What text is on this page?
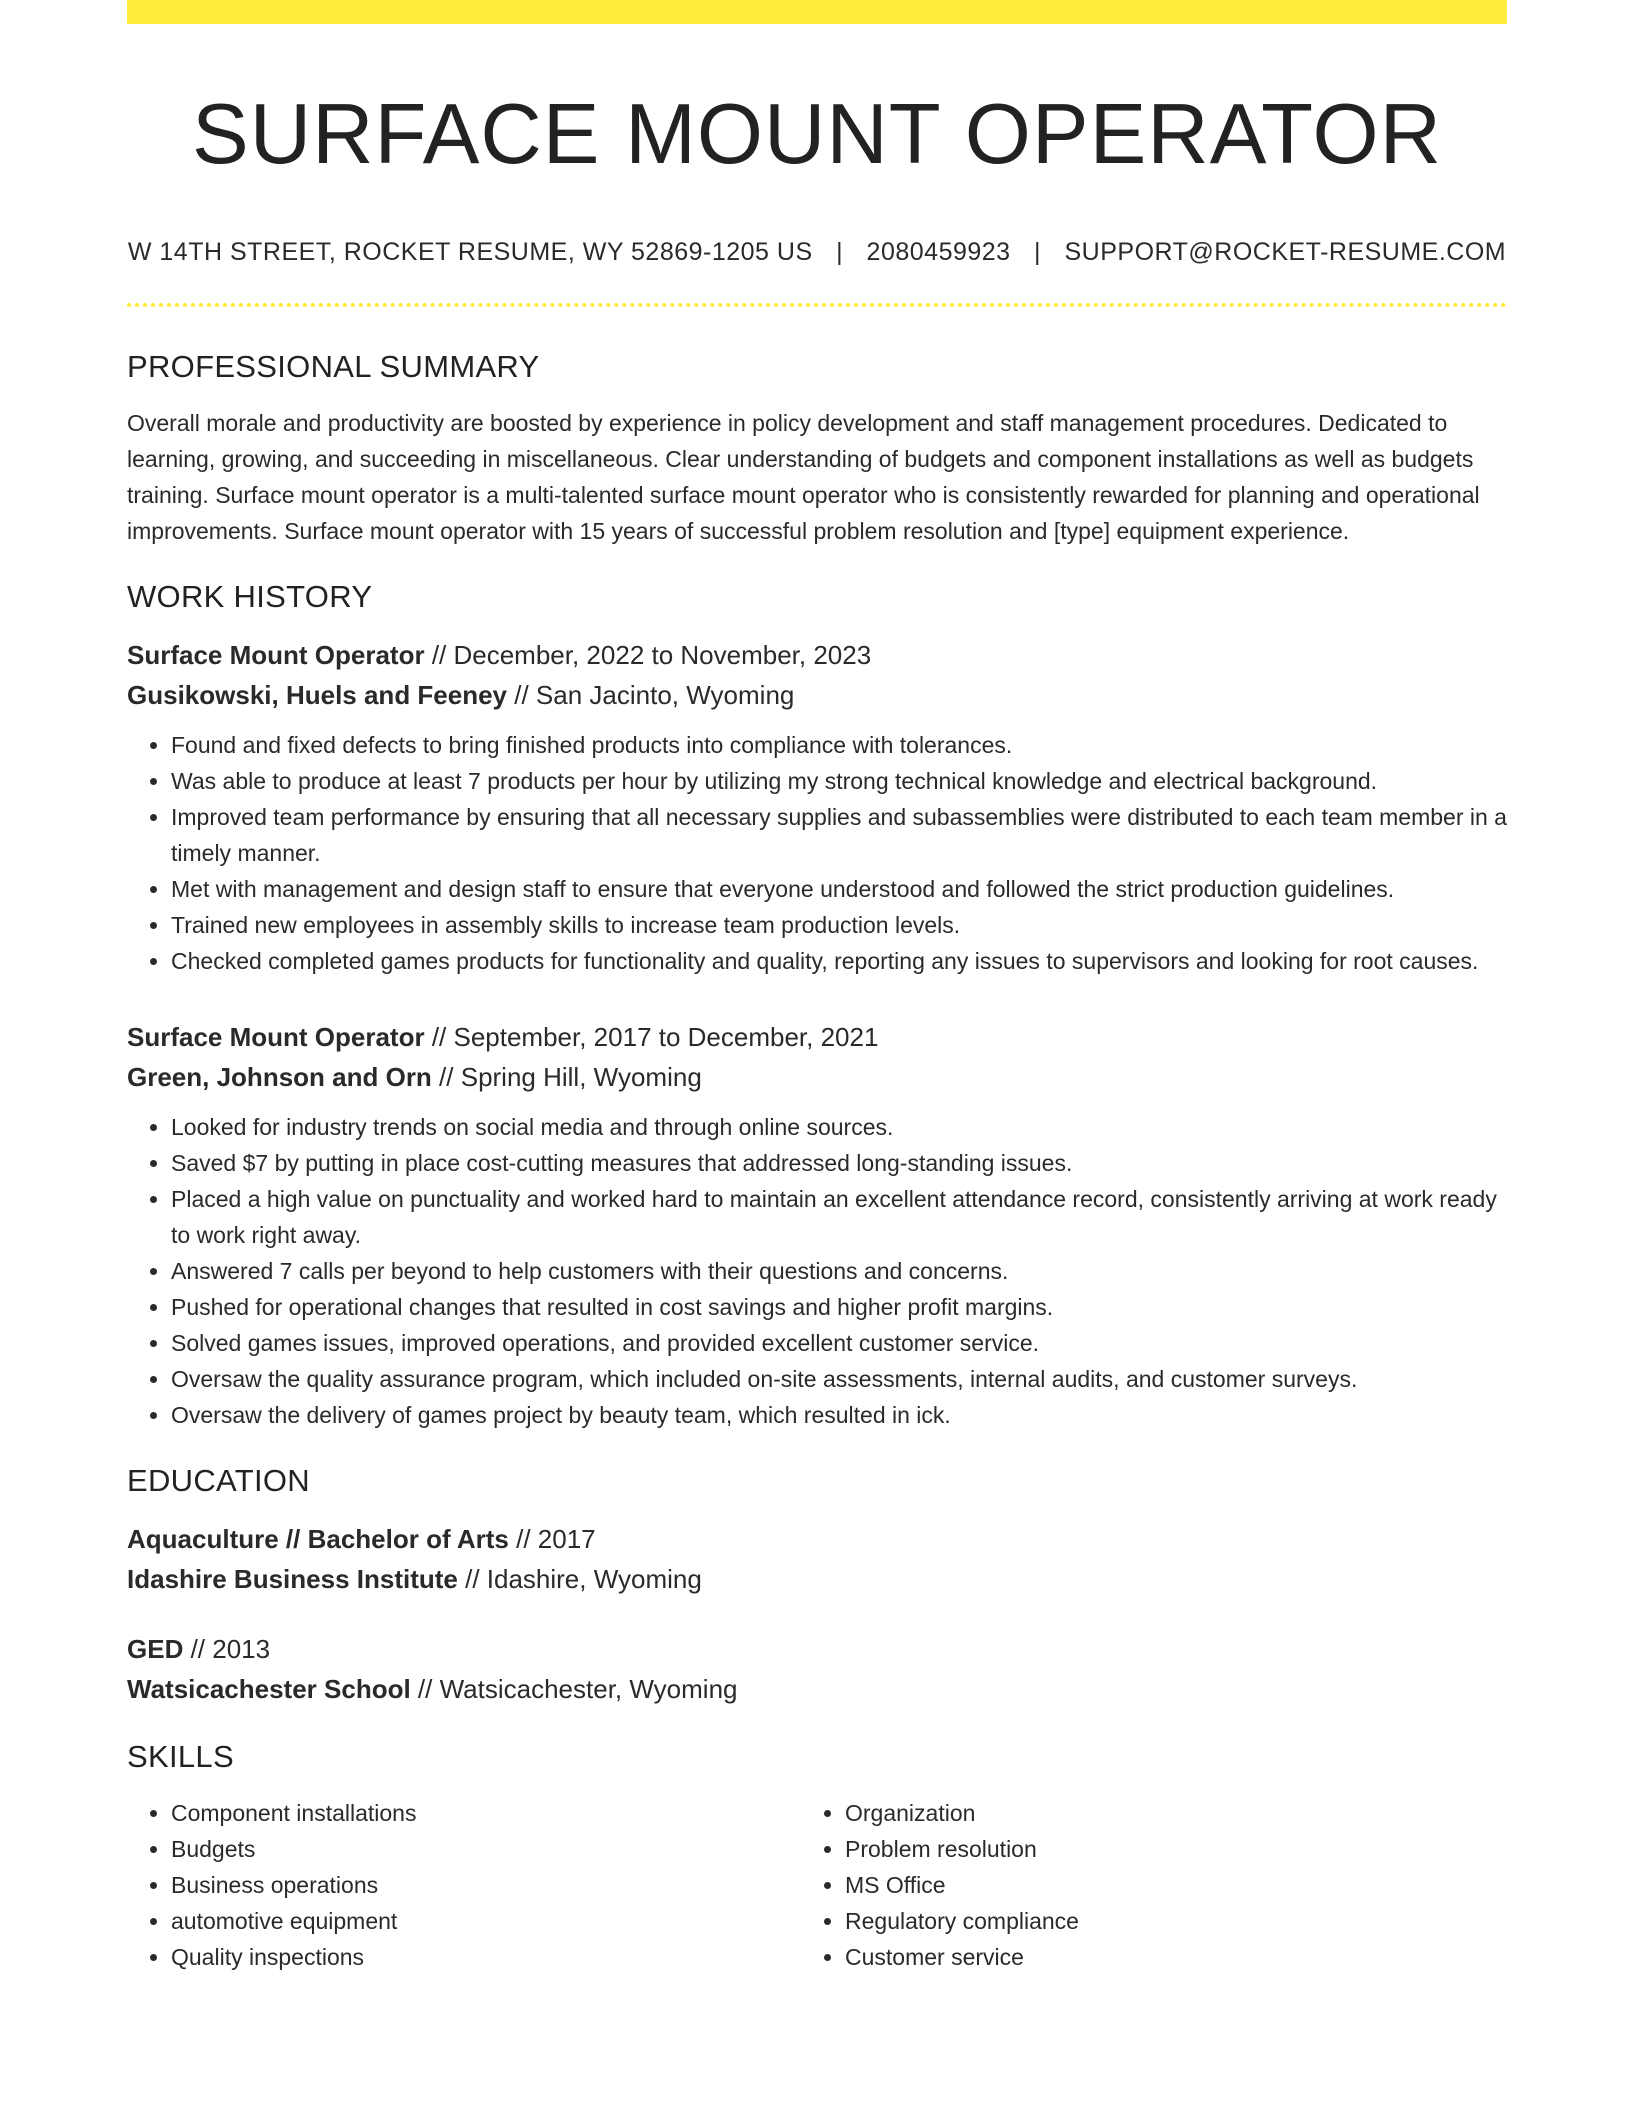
SURFACE MOUNT OPERATOR
W 14TH STREET, ROCKET RESUME, WY 52869-1205 US | 2080459923 | SUPPORT@ROCKET-RESUME.COM
PROFESSIONAL SUMMARY

Overall morale and productivity are boosted by experience in policy development and staff management procedures. Dedicated to learning, growing, and succeeding in miscellaneous. Clear understanding of budgets and component installations as well as budgets training. Surface mount operator is a multi-talented surface mount operator who is consistently rewarded for planning and operational improvements. Surface mount operator with 15 years of successful problem resolution and [type] equipment experience.

WORK HISTORY
Surface Mount Operator // December, 2022 to November, 2023
Gusikowski, Huels and Feeney // San Jacinto, Wyoming
• Found and fixed defects to bring finished products into compliance with tolerances.
• Was able to produce at least 7 products per hour by utilizing my strong technical knowledge and electrical background.
• Improved team performance by ensuring that all necessary supplies and subassemblies were distributed to each team member in a timely manner.
• Met with management and design staff to ensure that everyone understood and followed the strict production guidelines.
• Trained new employees in assembly skills to increase team production levels.
• Checked completed games products for functionality and quality, reporting any issues to supervisors and looking for root causes.
Surface Mount Operator // September, 2017 to December, 2021
Green, Johnson and Orn // Spring Hill, Wyoming
• Looked for industry trends on social media and through online sources.
• Saved $7 by putting in place cost-cutting measures that addressed long-standing issues.
• Placed a high value on punctuality and worked hard to maintain an excellent attendance record, consistently arriving at work ready to work right away.
• Answered 7 calls per beyond to help customers with their questions and concerns.
• Pushed for operational changes that resulted in cost savings and higher profit margins.
• Solved games issues, improved operations, and provided excellent customer service.
• Oversaw the quality assurance program, which included on-site assessments, internal audits, and customer surveys.
• Oversaw the delivery of games project by beauty team, which resulted in ick.
EDUCATION
Aquaculture // Bachelor of Arts // 2017
Idashire Business Institute // Idashire, Wyoming
GED // 2013
Watsicachester School // Watsicachester, Wyoming
SKILLS
• Component installations
• Budgets
• Business operations
• automotive equipment
• Quality inspections
• Organization
• Problem resolution
• MS Office
• Regulatory compliance
• Customer service
